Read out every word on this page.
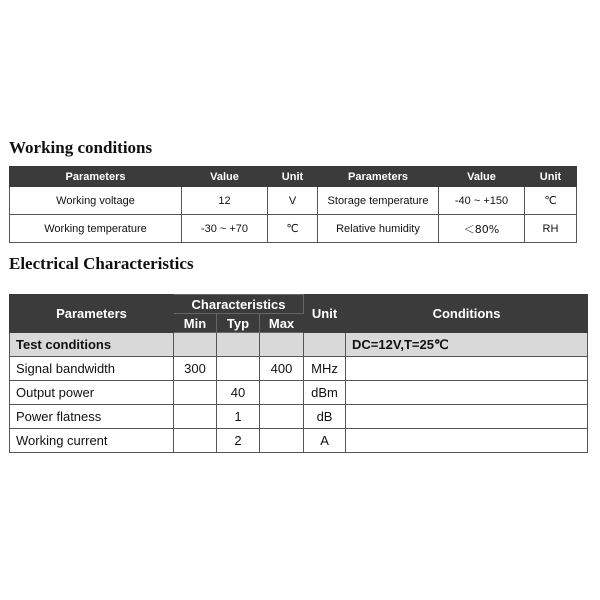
Working conditions
Parameters	Value	Unit	Parameters	Value	Unit
Working voltage	12	V	Storage temperature	-40 ~ +150	℃
Working temperature	-30 ~ +70	℃	Relative humidity	＜80%	RH
Electrical Characteristics
Parameters	Characteristics			Unit	Conditions
	Min	Typ	Max		
Test conditions					DC=12V,T=25℃
Signal bandwidth	300		400	MHz	
Output power		40		dBm	
Power flatness		1		dB	
Working current		2		A	
